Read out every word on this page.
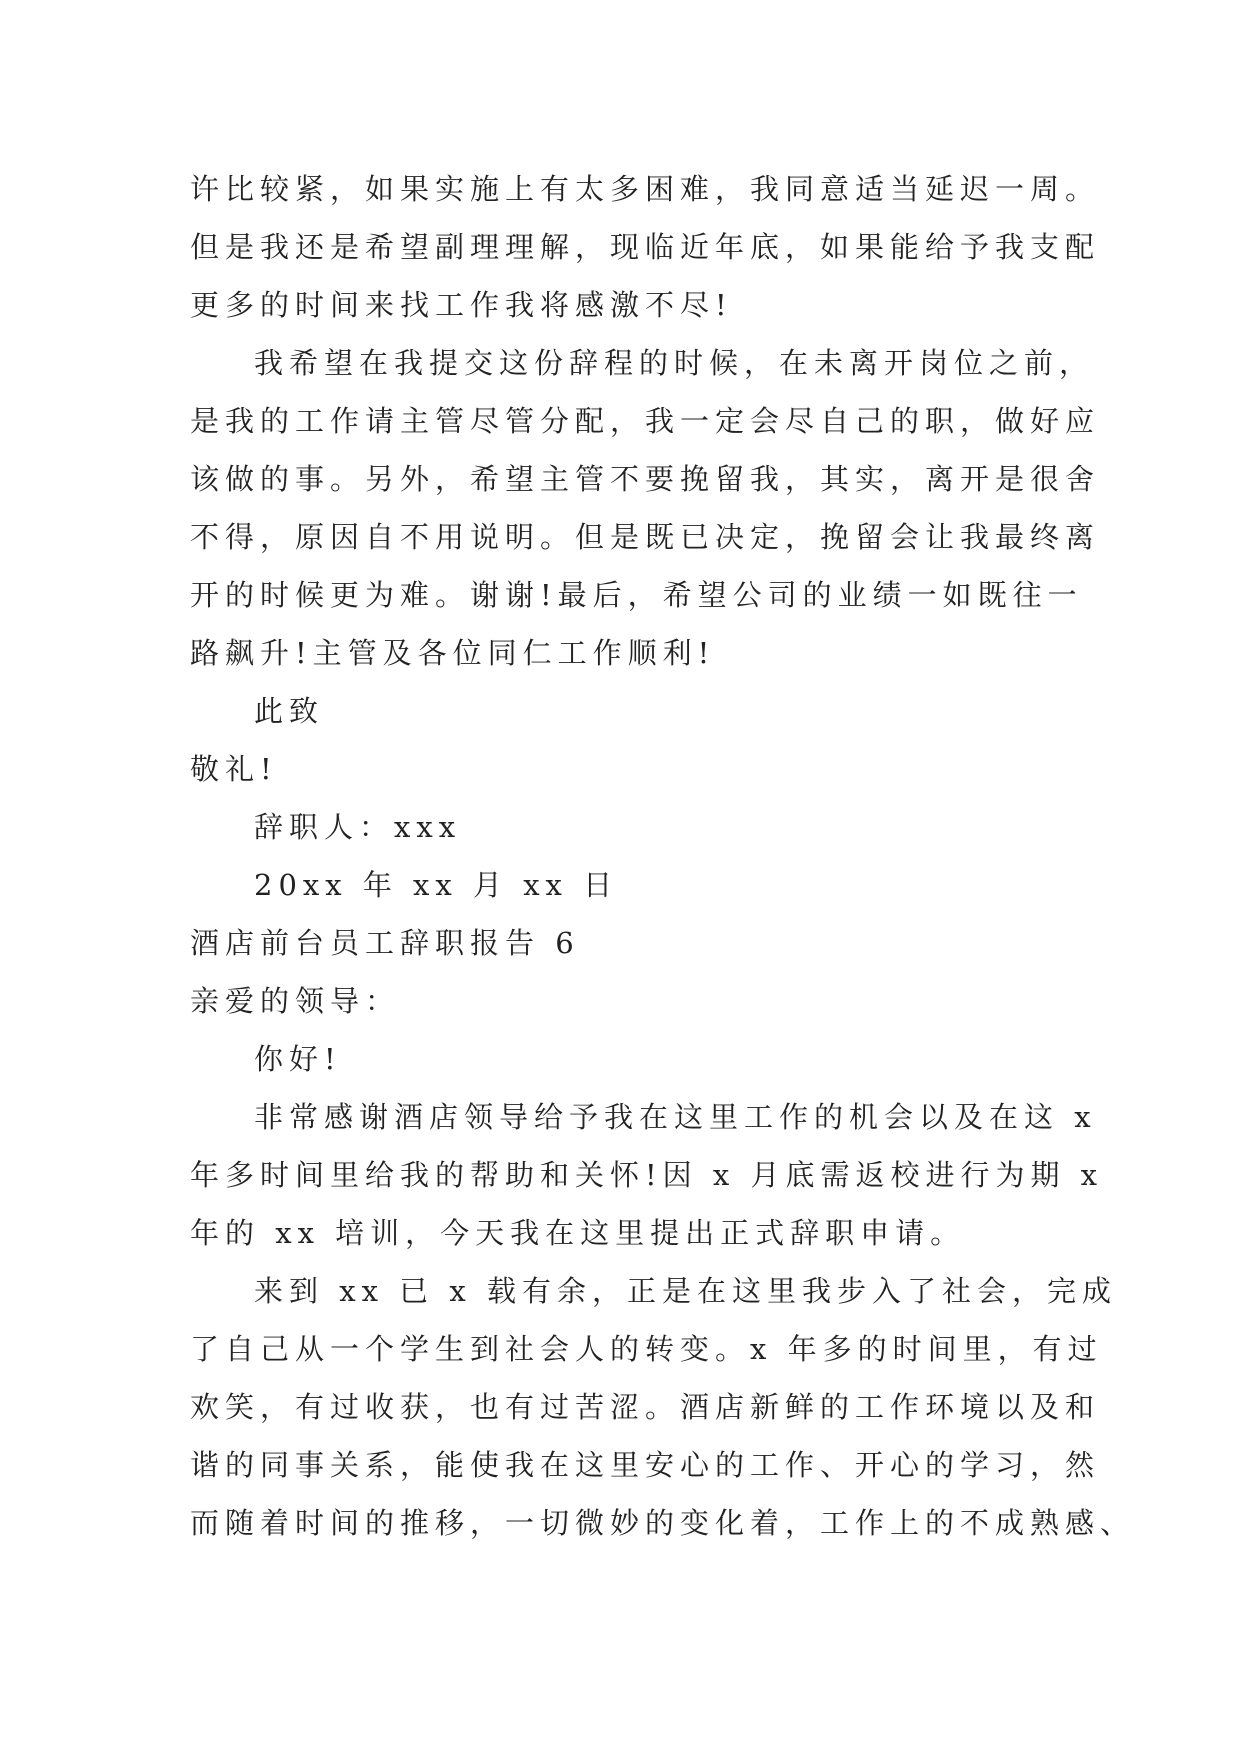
许比较紧，如果实施上有太多困难，我同意适当延迟一周。
但是我还是希望副理理解，现临近年底，如果能给予我支配
更多的时间来找工作我将感激不尽!
我希望在我提交这份辞程的时候，在未离开岗位之前，
是我的工作请主管尽管分配，我一定会尽自己的职，做好应
该做的事。另外，希望主管不要挽留我，其实，离开是很舍
不得，原因自不用说明。但是既已决定，挽留会让我最终离
开的时候更为难。谢谢!最后，希望公司的业绩一如既往一
路飙升!主管及各位同仁工作顺利!
此致
敬礼!
辞职人：xxx
20xx 年 xx 月 xx 日
酒店前台员工辞职报告 6
亲爱的领导：
你好!
非常感谢酒店领导给予我在这里工作的机会以及在这 x
年多时间里给我的帮助和关怀!因 x 月底需返校进行为期 x
年的 xx 培训，今天我在这里提出正式辞职申请。
来到 xx 已 x 载有余，正是在这里我步入了社会，完成
了自己从一个学生到社会人的转变。x 年多的时间里，有过
欢笑，有过收获，也有过苦涩。酒店新鲜的工作环境以及和
谐的同事关系，能使我在这里安心的工作、开心的学习，然
而随着时间的推移，一切微妙的变化着，工作上的不成熟感、
